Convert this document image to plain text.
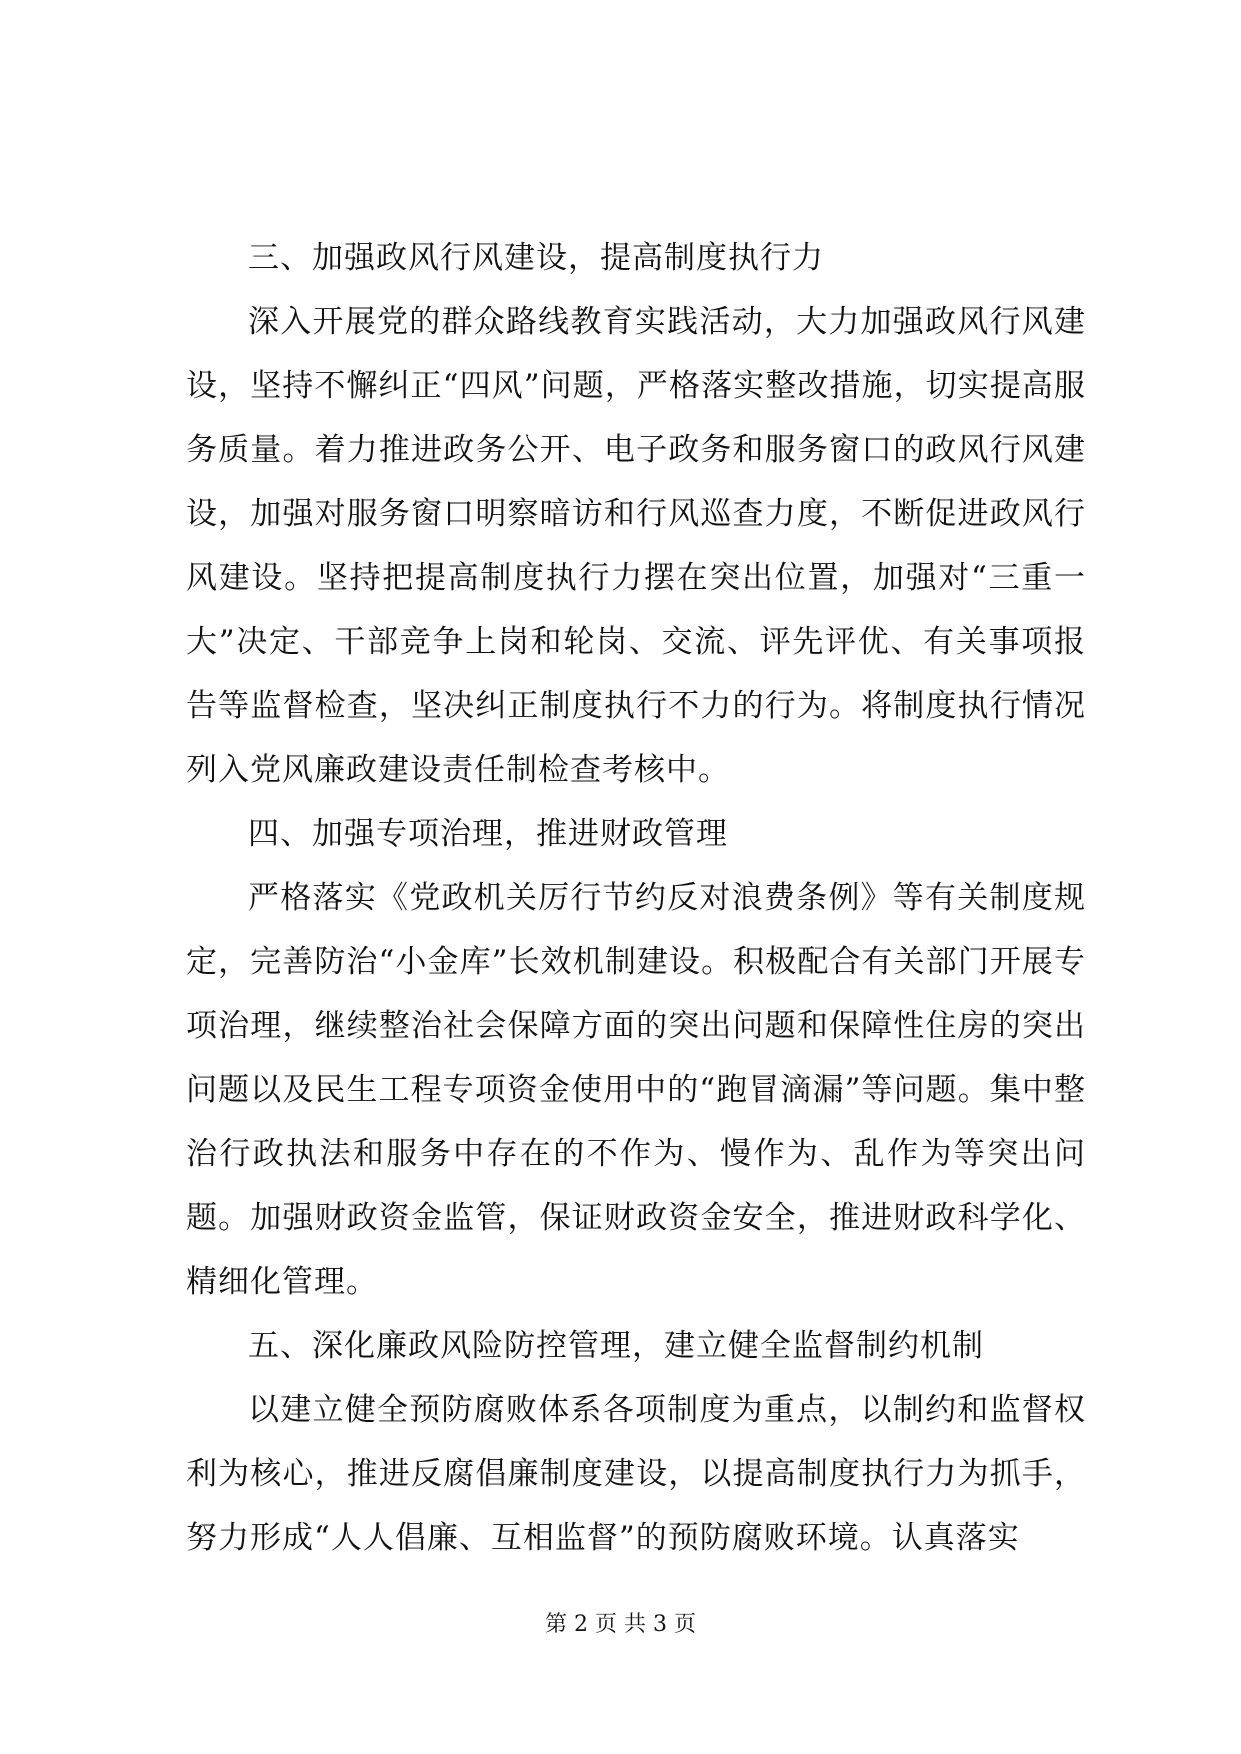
三、加强政风行风建设，提高制度执行力

深入开展党的群众路线教育实践活动，大力加强政风行风建设，坚持不懈纠正“四风”问题，严格落实整改措施，切实提高服务质量。着力推进政务公开、电子政务和服务窗口的政风行风建设，加强对服务窗口明察暗访和行风巡查力度，不断促进政风行风建设。坚持把提高制度执行力摆在突出位置，加强对“三重一大”决定、干部竞争上岗和轮岗、交流、评先评优、有关事项报告等监督检查，坚决纠正制度执行不力的行为。将制度执行情况列入党风廉政建设责任制检查考核中。

四、加强专项治理，推进财政管理

严格落实《党政机关厉行节约反对浪费条例》等有关制度规定，完善防治“小金库”长效机制建设。积极配合有关部门开展专项治理，继续整治社会保障方面的突出问题和保障性住房的突出问题以及民生工程专项资金使用中的“跑冒滴漏”等问题。集中整治行政执法和服务中存在的不作为、慢作为、乱作为等突出问题。加强财政资金监管，保证财政资金安全，推进财政科学化、精细化管理。

五、深化廉政风险防控管理，建立健全监督制约机制

以建立健全预防腐败体系各项制度为重点，以制约和监督权利为核心，推进反腐倡廉制度建设，以提高制度执行力为抓手，努力形成“人人倡廉、互相监督”的预防腐败环境。认真落实

第 2 页 共 3 页
